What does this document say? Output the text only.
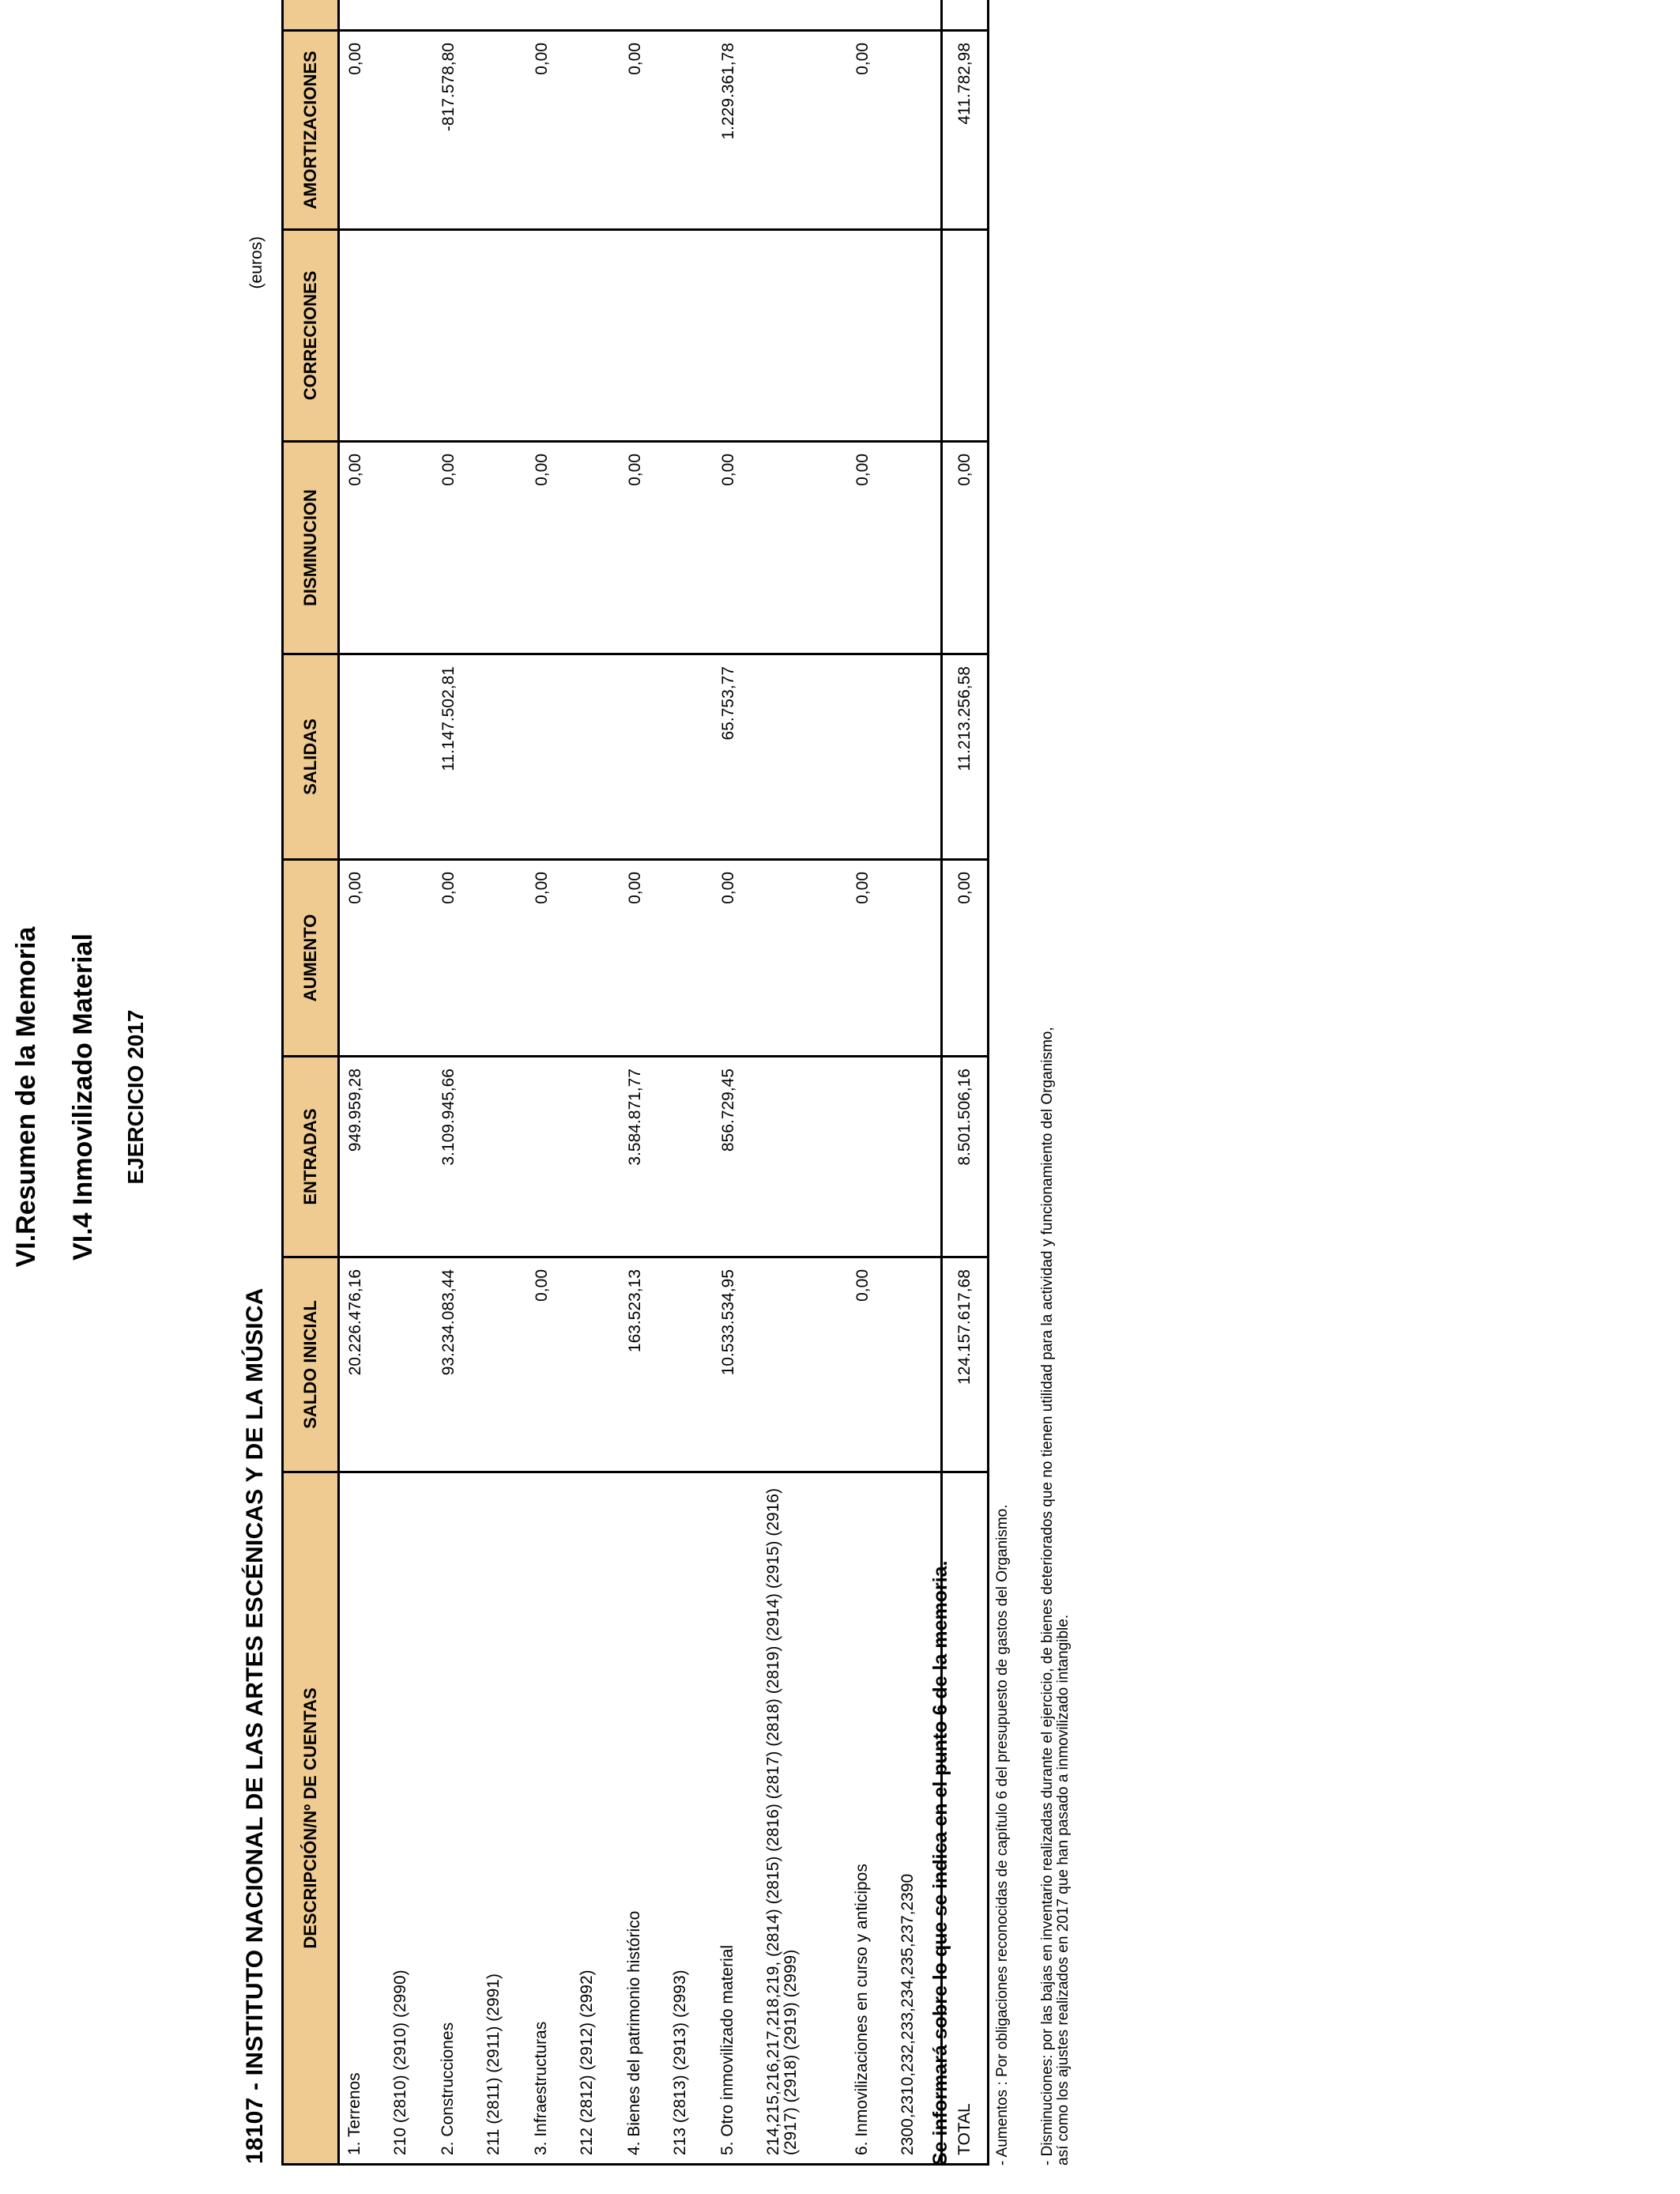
VI.Resumen de la Memoria VI.4 Inmovilizado Material EJERCICIO 2017
18107 - INSTITUTO NACIONAL DE LAS ARTES ESCÉNICAS Y DE LA MÚSICA
(euros)
DESCRIPCIÓN/Nº DE CUENTAS	SALDO INICIAL	ENTRADAS	AUMENTO	SALIDAS	DISMINUCION	CORRECIONES	AMORTIZACIONES	
1. Terrenos	20.226.476,16	949.959,28	0,00		0,00		0,00	
210 (2810) (2910) (2990)								
2. Construcciones	93.234.083,44	3.109.945,66	0,00	11.147.502,81	0,00		-817.578,80	
211 (2811) (2911) (2991)								
3. Infraestructuras	0,00		0,00		0,00		0,00	
212 (2812) (2912) (2992)								
4. Bienes del patrimonio histórico	163.523,13	3.584.871,77	0,00		0,00		0,00	
213 (2813) (2913) (2993)								
5. Otro inmovilizado material	10.533.534,95	856.729,45	0,00	65.753,77	0,00		1.229.361,78	
214,215,216,217,218,219, (2814) (2815) (2816) (2817) (2818) (2819) (2914) (2915) (2916) (2917) (2918) (2919) (2999)								
6. Inmovilizaciones en curso y anticipos	0,00		0,00		0,00		0,00	
2300,2310,232,233,234,235,237,2390								
TOTAL	124.157.617,68	8.501.506,16	0,00	11.213.256,58	0,00		411.782,98	
Se informará sobre lo que se indica en el punto 6 de la memoria.	- Aumentos : Por obligaciones reconocidas de capítulo 6 del presupuesto de gastos del Organismo. - Disminuciones: por las bajas en inventario realizadas durante el ejercicio, de bienes deteriorados que no tienen utilidad para la actividad y funcionamiento del Organismo, así como los ajustes realizados en 2017 que han pasado a inmovilizado intangible.
